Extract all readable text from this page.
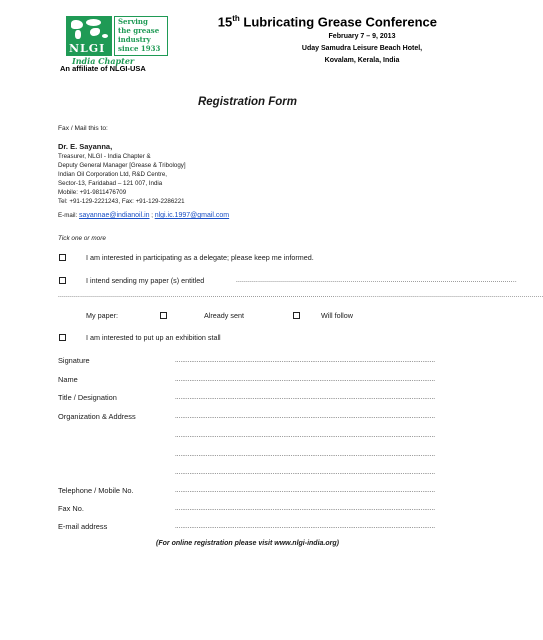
NLGI
Serving
the grease
industry
since 1933
India Chapter
An affiliate of NLGI-USA
15th Lubricating Grease Conference
February 7 – 9, 2013
Uday Samudra Leisure Beach Hotel,
Kovalam, Kerala, India
Registration Form
Fax / Mail this to:
Dr. E. Sayanna,
Treasurer, NLGI - India Chapter &
Deputy General Manager [Grease & Tribology]
Indian Oil Corporation Ltd, R&D Centre,
Sector-13, Faridabad – 121 007, India
Mobile: +91-9811476709
Tel: +91-129-2221243, Fax: +91-129-2286221
E-mail: sayannae@indianoil.in ; nlgi.ic.1997@gmail.com
Tick one or more
I am interested in participating as a delegate; please keep me informed.
I intend sending my paper (s) entitled	............................................................................................................................................
..................................................................................................................................................................................................................................................
My paper:	Already sent	Will follow
I am interested to put up an exhibition stall
Signature	................................................................................................................................................
Name	................................................................................................................................................
Title / Designation	................................................................................................................................................
Organization & Address	................................................................................................................................................
................................................................................................................................................
................................................................................................................................................
................................................................................................................................................
Telephone / Mobile No.	................................................................................................................................................
Fax No.	................................................................................................................................................
E-mail address	................................................................................................................................................
(For online registration please visit www.nlgi-india.org)
